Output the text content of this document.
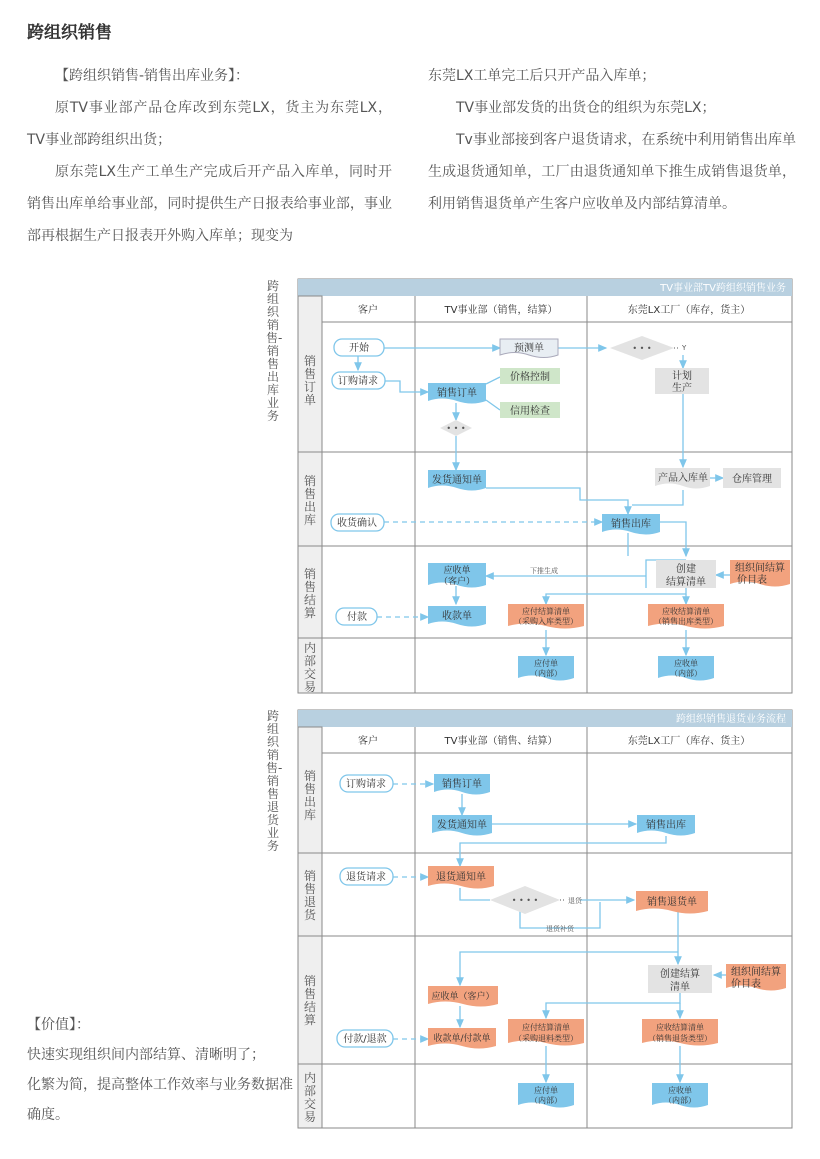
跨组织销售

【跨组织销售-销售出库业务】：

原TV事业部产品仓库改到东莞LX，货主为东莞LX，TV事业部跨组织出货；

原东莞LX生产工单生产完成后开产品入库单，同时开销售出库单给事业部，同时提供生产日报表给事业部，事业部再根据生产日报表开外购入库单；现变为

东莞LX工单完工后只开产品入库单；

TV事业部发货的出货仓的组织为东莞LX；

Tv事业部接到客户退货请求，在系统中利用销售出库单生成退货通知单，工厂由退货通知单下推生成销售退货单，利用销售退货单产生客户应收单及内部结算清单。

跨组织销售-销售出库业务
跨组织销售-销售退货业务
TV事业部TV跨组织销售业务
客户	TV事业部（销售，结算）	东莞LX工厂（库存，货主）
开始
订购请求
收货确认
付款
预测单
价格控制
信用检查
销售订单
• • •
发货通知单
应收单
（客户）
下推生成
收款单	应付结算清单
（采购入库类型）
应付单
（内部）
• • •	Y
计划
生产
产品入库单 仓库管理
销售出库
创建
结算清单
组织间结算
价目表
应收结算清单
（销售出库类型）
应收单
（内部）
销售订单
销售出库
销售结算
内部交易
跨组织销售退货业务流程
客户	TV事业部（销售、结算）	东莞LX工厂（库存、货主）
订购请求
退货请求
付款/退款
销售订单
发货通知单	销售出库
退货通知单
• • • •	退货
退货补货
销售退货单
创建结算
清单
组织间结算
价目表
应收单（客户）
收款单/付款单
应付结算清单
（采购退料类型）
应收结算清单
（销售退货类型）
应付单
（内部）
应收单
（内部）
销售出库
销售退货
销售结算
内部交易

【价值】：

快速实现组织间内部结算、清晰明了；

化繁为简，提高整体工作效率与业务数据准确度。
